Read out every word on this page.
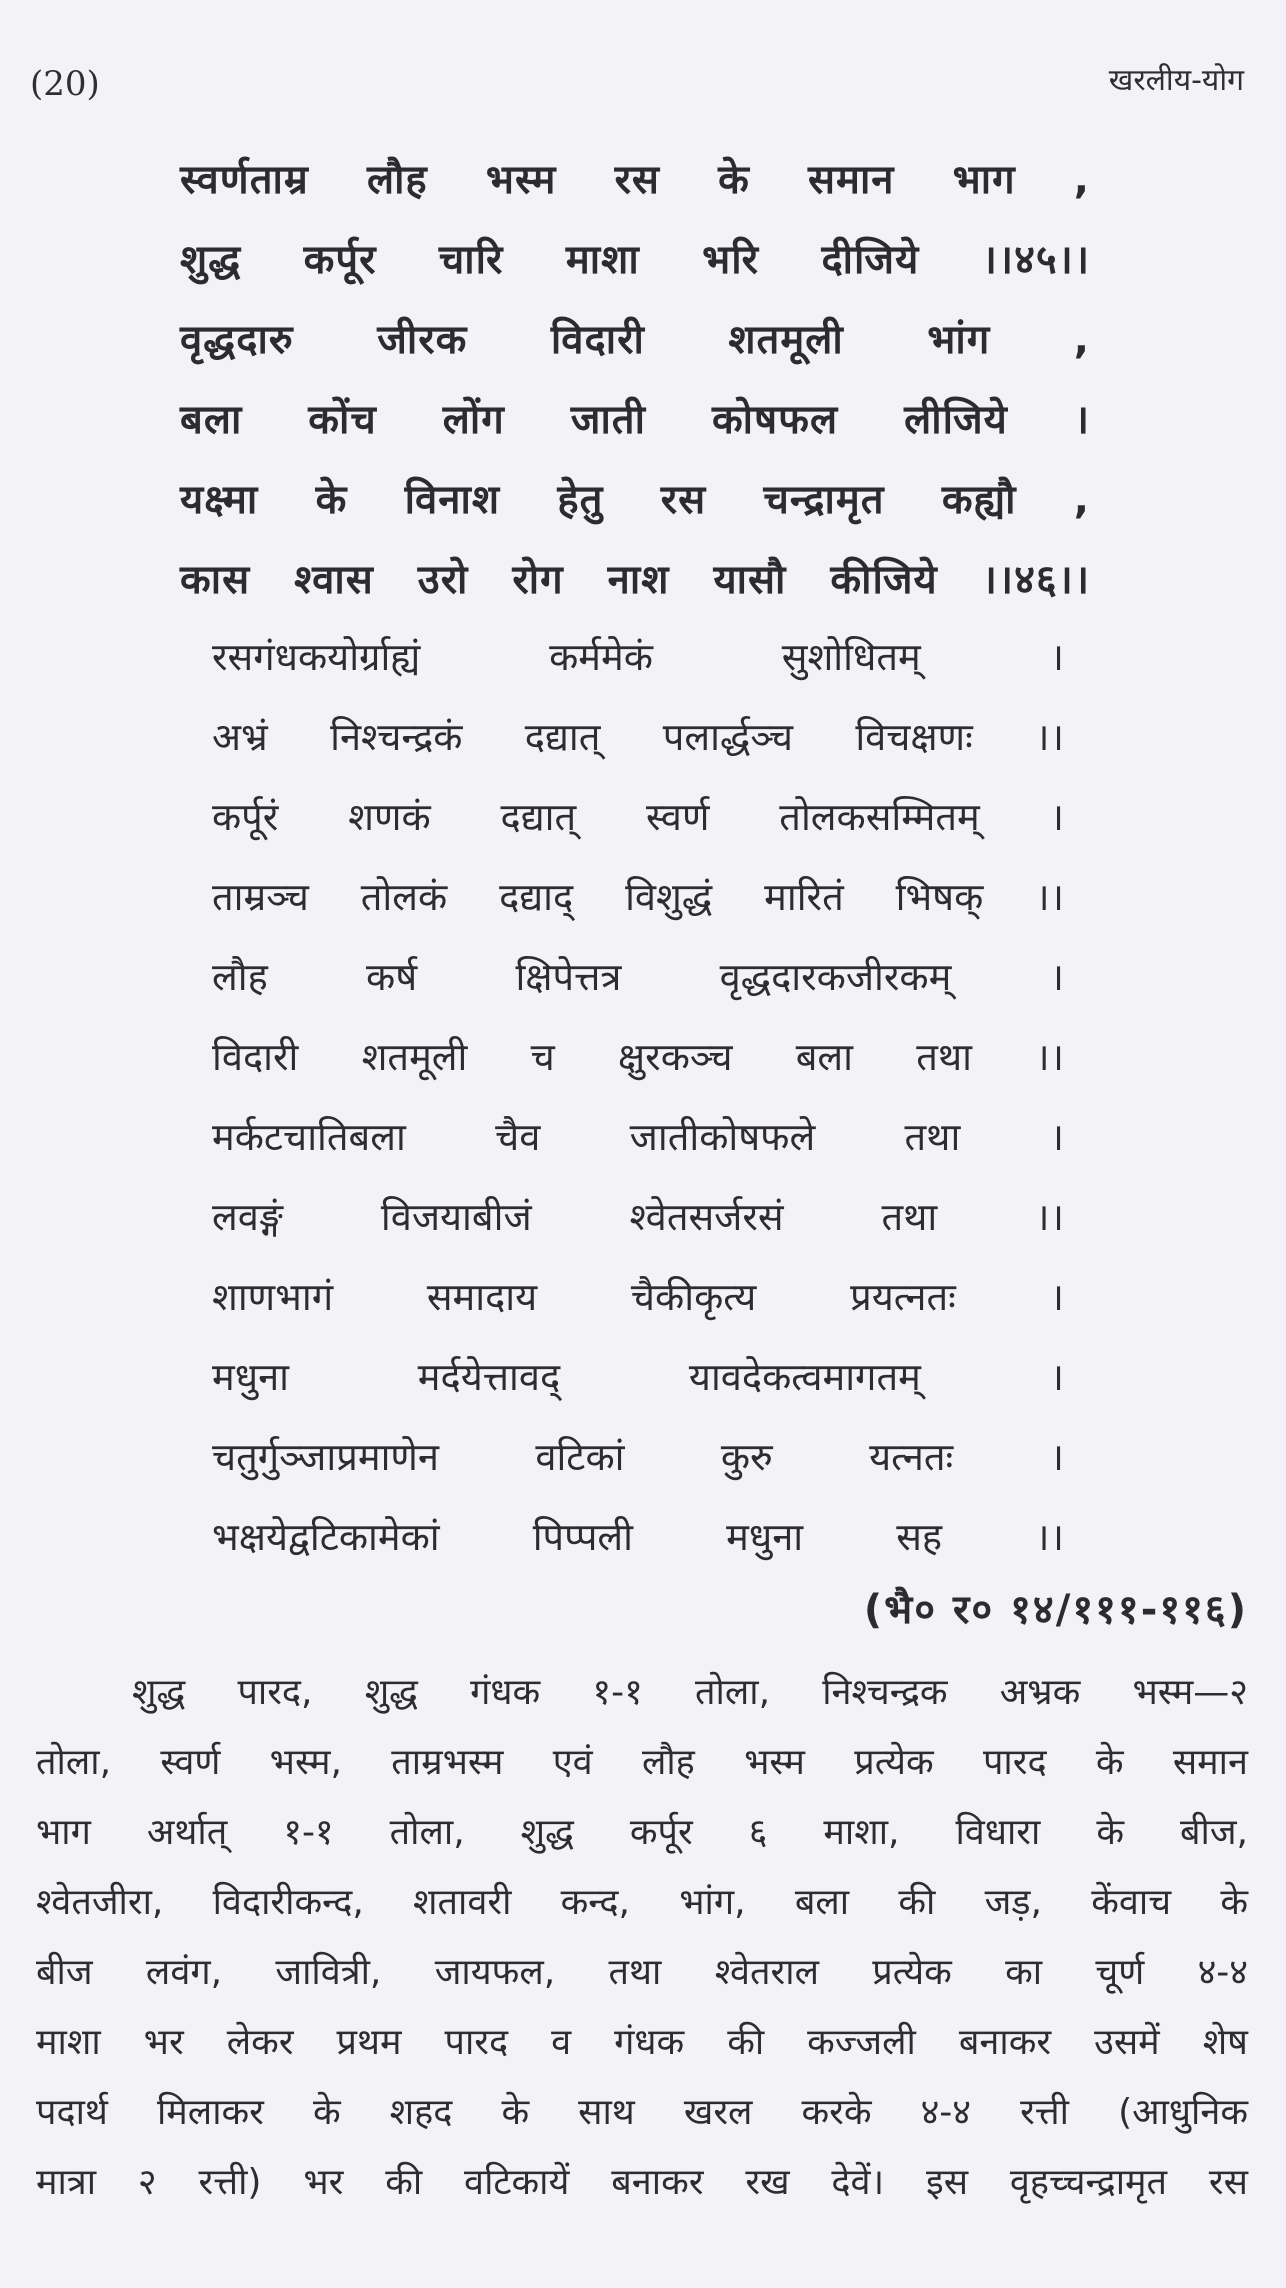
(20)	खरलीय-योग
स्वर्णताम्र लौह भस्म रस के समान भाग ,
शुद्ध कर्पूर चारि माशा भरि दीजिये ।।४५।।
वृद्धदारु जीरक विदारी शतमूली भांग ,
बला कोंच लोंग जाती कोषफल लीजिये ।
यक्ष्मा के विनाश हेतु रस चन्द्रामृत कह्यौ ,
कास श्वास उरो रोग नाश यासौ कीजिये ।।४६।।
रसगंधकयोर्ग्राह्यं कर्ममेकं सुशोधितम् ।
अभ्रं निश्चन्द्रकं दद्यात् पलार्द्धञ्च विचक्षणः ।।
कर्पूरं शणकं दद्यात् स्वर्ण तोलकसम्मितम् ।
ताम्रञ्च तोलकं दद्याद् विशुद्धं मारितं भिषक् ।।
लौह कर्ष क्षिपेत्तत्र वृद्धदारकजीरकम् ।
विदारी शतमूली च क्षुरकञ्च बला तथा ।।
मर्कटचातिबला चैव जातीकोषफले तथा ।
लवङ्गं विजयाबीजं श्वेतसर्जरसं तथा ।।
शाणभागं समादाय चैकीकृत्य प्रयत्नतः ।
मधुना मर्दयेत्तावद् यावदेकत्वमागतम् ।
चतुर्गुञ्जाप्रमाणेन वटिकां कुरु यत्नतः ।
भक्षयेद्वटिकामेकां पिप्पली मधुना सह ।।
(भै० र० १४/१११-११६)
शुद्ध पारद, शुद्ध गंधक १-१ तोला, निश्चन्द्रक अभ्रक भस्म—२
तोला, स्वर्ण भस्म, ताम्रभस्म एवं लौह भस्म प्रत्येक पारद के समान
भाग अर्थात् १-१ तोला, शुद्ध कर्पूर ६ माशा, विधारा के बीज,
श्वेतजीरा, विदारीकन्द, शतावरी कन्द, भांग, बला की जड़, केंवाच के
बीज लवंग, जावित्री, जायफल, तथा श्वेतराल प्रत्येक का चूर्ण ४-४
माशा भर लेकर प्रथम पारद व गंधक की कज्जली बनाकर उसमें शेष
पदार्थ मिलाकर के शहद के साथ खरल करके ४-४ रत्ती (आधुनिक
मात्रा २ रत्ती) भर की वटिकायें बनाकर रख देवें। इस वृहच्चन्द्रामृत रस
